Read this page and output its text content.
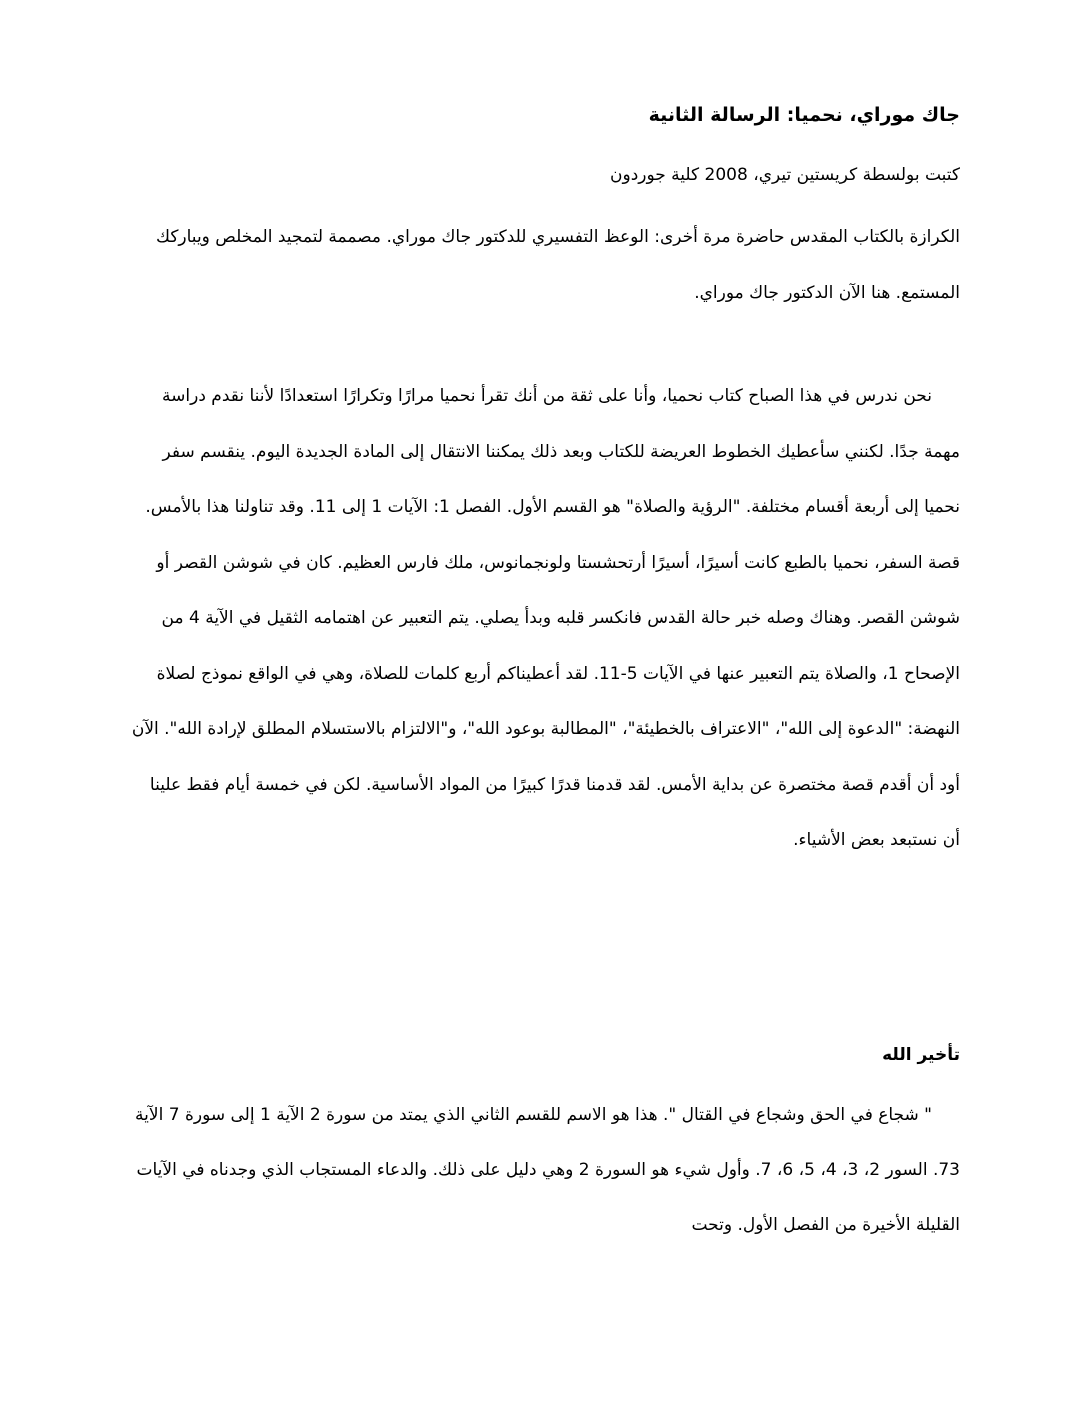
جاك موراي، نحميا: الرسالة الثانية
كتبت بولسطة كريستين تيري، 2008 كلية جوردون

الكرازة بالكتاب المقدس حاضرة مرة أخرى: الوعظ التفسيري للدكتور جاك موراي. مصممة لتمجيد المخلص ويباركك المستمع. هنا الآن الدكتور جاك موراي.

نحن ندرس في هذا الصباح كتاب نحميا، وأنا على ثقة من أنك تقرأ نحميا مرارًا وتكرارًا استعدادًا لأننا نقدم دراسة مهمة جدًا. لكنني سأعطيك الخطوط العريضة للكتاب وبعد ذلك يمكننا الانتقال إلى المادة الجديدة اليوم. ينقسم سفر نحميا إلى أربعة أقسام مختلفة. "الرؤية والصلاة" هو القسم الأول. الفصل 1: الآيات 1 إلى 11. وقد تناولنا هذا بالأمس. قصة السفر، نحميا بالطبع كانت أسيرًا، أسيرًا أرتحشستا ولونجمانوس، ملك فارس العظيم. كان في شوشن القصر أو شوشن القصر. وهناك وصله خبر حالة القدس فانكسر قلبه وبدأ يصلي. يتم التعبير عن اهتمامه الثقيل في الآية 4 من الإصحاح 1، والصلاة يتم التعبير عنها في الآيات 5-11. لقد أعطيناكم أربع كلمات للصلاة، وهي في الواقع نموذج لصلاة النهضة: "الدعوة إلى الله"، "الاعتراف بالخطيئة"، "المطالبة بوعود الله"، و"الالتزام بالاستسلام المطلق لإرادة الله". الآن أود أن أقدم قصة مختصرة عن بداية الأمس. لقد قدمنا قدرًا كبيرًا من المواد الأساسية. لكن في خمسة أيام فقط علينا أن نستبعد بعض الأشياء.

تأخير الله

" شجاع في الحق وشجاع في القتال ". هذا هو الاسم للقسم الثاني الذي يمتد من سورة 2 الآية 1 إلى سورة 7 الآية 73. السور 2، 3، 4، 5، 6، 7. وأول شيء هو السورة 2 وهي دليل على ذلك. والدعاء المستجاب الذي وجدناه في الآيات القليلة الأخيرة من الفصل الأول. وتحت
